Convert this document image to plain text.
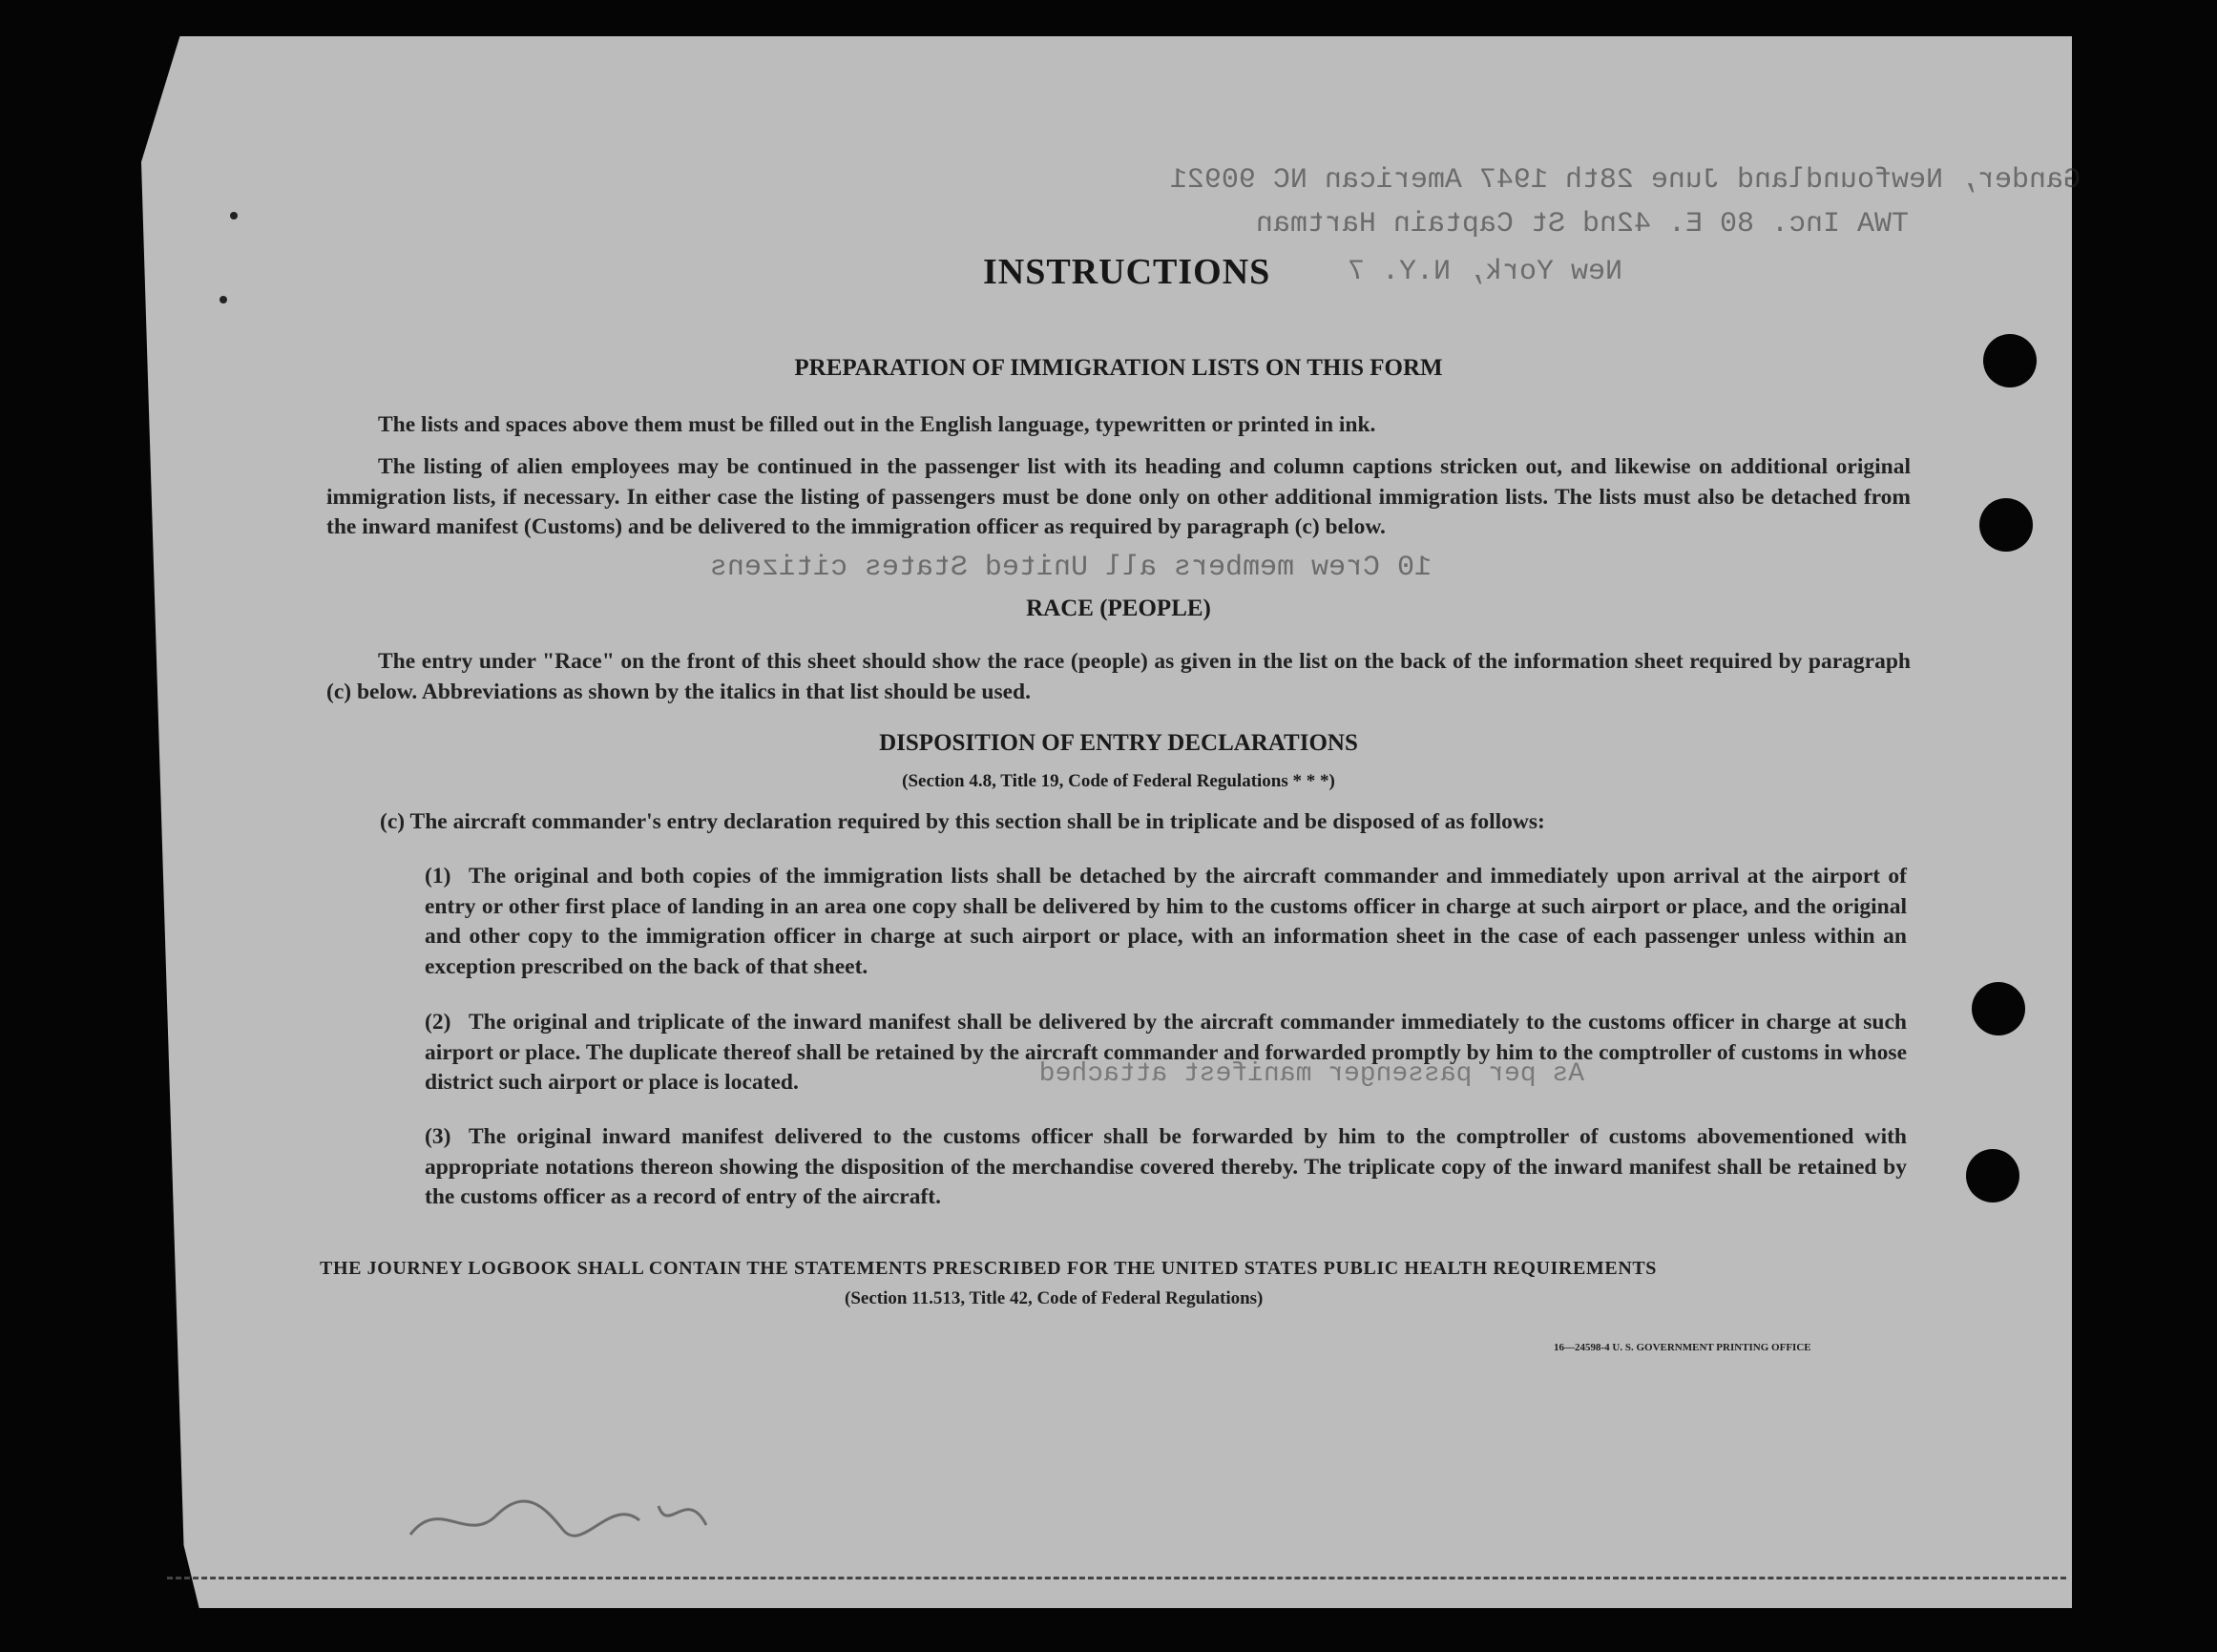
Gander, Newfoundland June 28th 1947 American NC 90921
TWA Inc. 80 E. 42nd St Captain Hartman
New York, N.Y. 7
10 Crew members all United States citizens
As per passenger manifest attached
INSTRUCTIONS
PREPARATION OF IMMIGRATION LISTS ON THIS FORM
The lists and spaces above them must be filled out in the English language, typewritten or printed in ink.
The listing of alien employees may be continued in the passenger list with its heading and column captions stricken out, and likewise on additional original immigration lists, if necessary. In either case the listing of passengers must be done only on other additional immigration lists. The lists must also be detached from the inward manifest (Customs) and be delivered to the immigration officer as required by paragraph (c) below.
RACE (PEOPLE)
The entry under "Race" on the front of this sheet should show the race (people) as given in the list on the back of the information sheet required by paragraph (c) below. Abbreviations as shown by the italics in that list should be used.
DISPOSITION OF ENTRY DECLARATIONS
(Section 4.8, Title 19, Code of Federal Regulations * * *)
(c) The aircraft commander's entry declaration required by this section shall be in triplicate and be disposed of as follows:
(1) The original and both copies of the immigration lists shall be detached by the aircraft commander and immediately upon arrival at the airport of entry or other first place of landing in an area one copy shall be delivered by him to the customs officer in charge at such airport or place, and the original and other copy to the immigration officer in charge at such airport or place, with an information sheet in the case of each passenger unless within an exception prescribed on the back of that sheet.
(2) The original and triplicate of the inward manifest shall be delivered by the aircraft commander immediately to the customs officer in charge at such airport or place. The duplicate thereof shall be retained by the aircraft commander and forwarded promptly by him to the comptroller of customs in whose district such airport or place is located.
(3) The original inward manifest delivered to the customs officer shall be forwarded by him to the comptroller of customs abovementioned with appropriate notations thereon showing the disposition of the merchandise covered thereby. The triplicate copy of the inward manifest shall be retained by the customs officer as a record of entry of the aircraft.
THE JOURNEY LOGBOOK SHALL CONTAIN THE STATEMENTS PRESCRIBED FOR THE UNITED STATES PUBLIC HEALTH REQUIREMENTS
(Section 11.513, Title 42, Code of Federal Regulations)
16—24598-4 U. S. GOVERNMENT PRINTING OFFICE
